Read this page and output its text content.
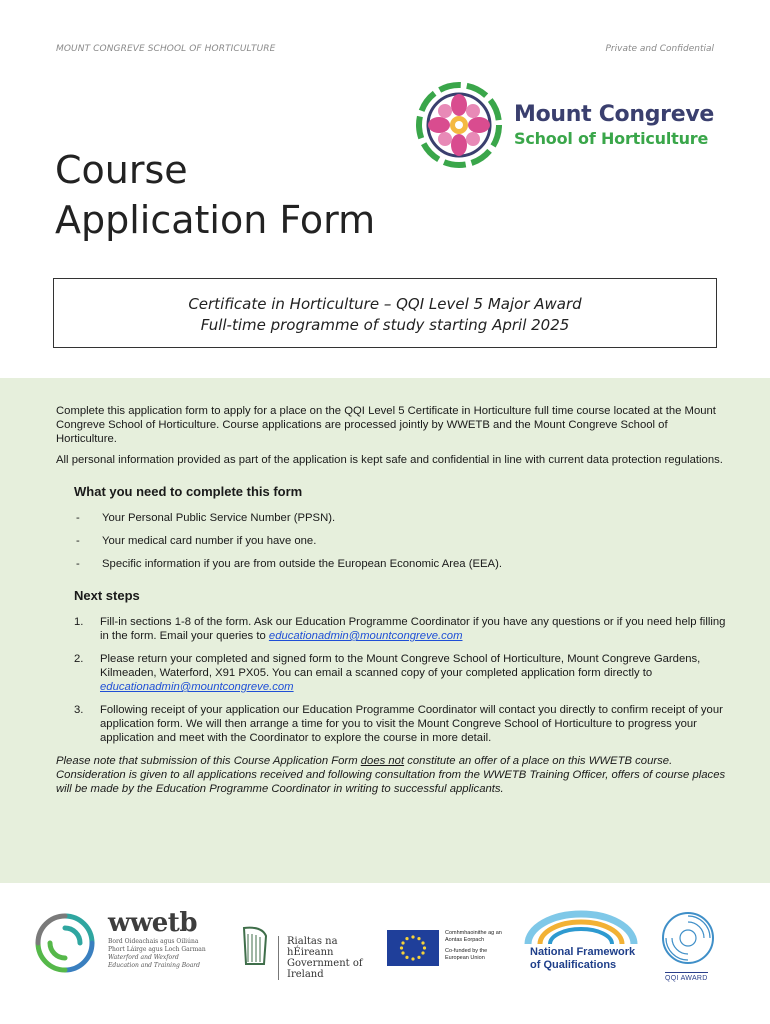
MOUNT CONGREVE SCHOOL OF HORTICULTURE	Private and Confidential
Mount Congreve
School of Horticulture
Course
Application Form
Certificate in Horticulture – QQI Level 5 Major Award
Full-time programme of study starting April 2025

Complete this application form to apply for a place on the QQI Level 5 Certificate in Horticulture full time course located at the Mount Congreve School of Horticulture. Course applications are processed jointly by WWETB and the Mount Congreve School of Horticulture.

All personal information provided as part of the application is kept safe and confidential in line with current data protection regulations.

What you need to complete this form
- Your Personal Public Service Number (PPSN).
- Your medical card number if you have one.
- Specific information if you are from outside the European Economic Area (EEA).
Next steps
1. Fill-in sections 1-8 of the form. Ask our Education Programme Coordinator if you have any questions or if you need help filling in the form. Email your queries to educationadmin@mountcongreve.com
2. Please return your completed and signed form to the Mount Congreve School of Horticulture, Mount Congreve Gardens, Kilmeaden, Waterford, X91 PX05. You can email a scanned copy of your completed application form directly to educationadmin@mountcongreve.com
3. Following receipt of your application our Education Programme Coordinator will contact you directly to confirm receipt of your application form. We will then arrange a time for you to visit the Mount Congreve School of Horticulture to progress your application and meet with the Coordinator to explore the course in more detail.

Please note that submission of this Course Application Form does not constitute an offer of a place on this WWETB course. Consideration is given to all applications received and following consultation from the WWETB Training Officer, offers of course places will be made by the Education Programme Coordinator in writing to successful applicants.

wwetb
Bord Oideachais agus Oiliúna
Phort Láirge agus Loch Garman
Waterford and Wexford
Education and Training Board
Rialtas na hÉireann
Government of Ireland
Comhmhaoinithe ag an
Aontas Eorpach
Co-funded by the
European Union	National Framework
of Qualifications
QQI AWARD
